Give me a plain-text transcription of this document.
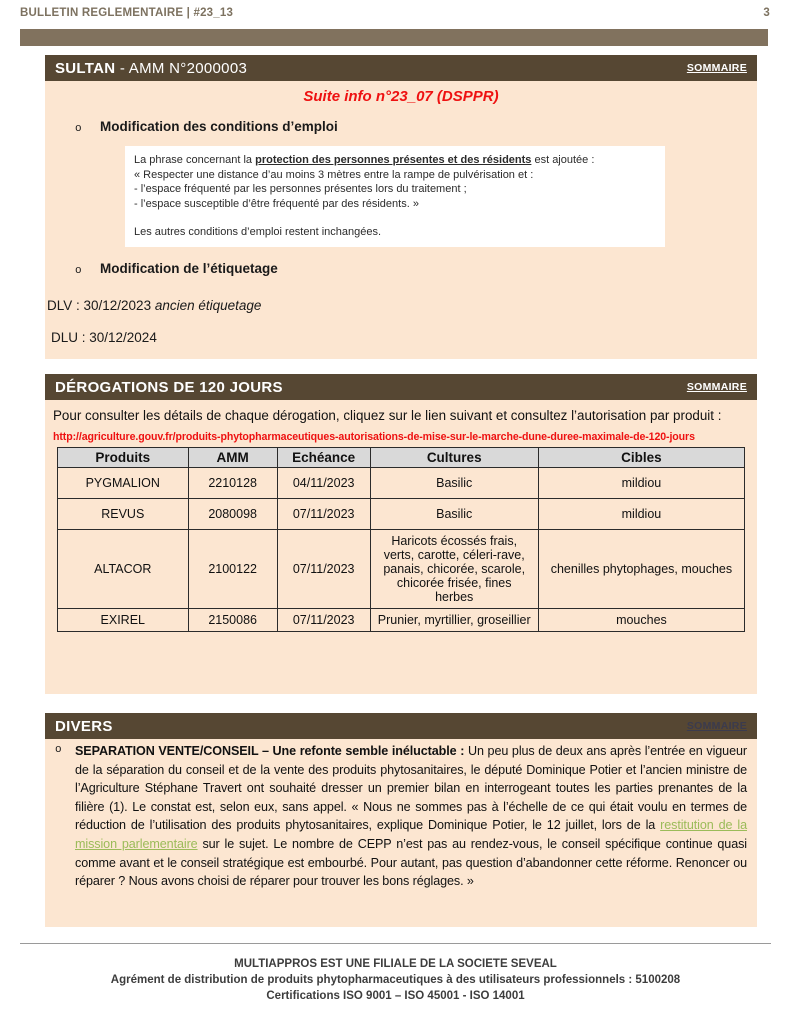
BULLETIN REGLEMENTAIRE | #23_13	3
SULTAN - AMM N°2000003	SOMMAIRE
Suite info n°23_07 (DSPPR)
o	Modification des conditions d’emploi

La phrase concernant la protection des personnes présentes et des résidents est ajoutée :

« Respecter une distance d’au moins 3 mètres entre la rampe de pulvérisation et :

- l’espace fréquenté par les personnes présentes lors du traitement ;

- l’espace susceptible d’être fréquenté par des résidents. »

Les autres conditions d’emploi restent inchangées.

o	Modification de l’étiquetage
DLV : 30/12/2023 ancien étiquetage
DLU : 30/12/2024
DÉROGATIONS DE 120 JOURS	SOMMAIRE

Pour consulter les détails de chaque dérogation, cliquez sur le lien suivant et consultez l’autorisation par produit :

http://agriculture.gouv.fr/produits-phytopharmaceutiques-autorisations-de-mise-sur-le-marche-dune-duree-maximale-de-120-jours
Produits	AMM	Echéance	Cultures	Cibles
PYGMALION	2210128	04/11/2023	Basilic	mildiou
REVUS	2080098	07/11/2023	Basilic	mildiou
ALTACOR	2100122	07/11/2023	Haricots écossés frais, verts, carotte, céleri-rave, panais, chicorée, scarole, chicorée frisée, fines herbes	chenilles phytophages, mouches
EXIREL	2150086	07/11/2023	Prunier, myrtillier, groseillier	mouches
DIVERS	SOMMAIRE
o	SEPARATION VENTE/CONSEIL – Une refonte semble inéluctable : Un peu plus de deux ans après l’entrée en vigueur de la séparation du conseil et de la vente des produits phytosanitaires, le député Dominique Potier et l’ancien ministre de l’Agriculture Stéphane Travert ont souhaité dresser un premier bilan en interrogeant toutes les parties prenantes de la filière (1). Le constat est, selon eux, sans appel. « Nous ne sommes pas à l’échelle de ce qui était voulu en termes de réduction de l’utilisation des produits phytosanitaires, explique Dominique Potier, le 12 juillet, lors de la restitution de la mission parlementaire sur le sujet. Le nombre de CEPP n’est pas au rendez-vous, le conseil spécifique continue quasi comme avant et le conseil stratégique est embourbé. Pour autant, pas question d’abandonner cette réforme. Renoncer ou réparer ? Nous avons choisi de réparer pour trouver les bons réglages. »

MULTIAPPROS EST UNE FILIALE DE LA SOCIETE SEVEAL
Agrément de distribution de produits phytopharmaceutiques à des utilisateurs professionnels : 5100208
Certifications ISO 9001 – ISO 45001 - ISO 14001
